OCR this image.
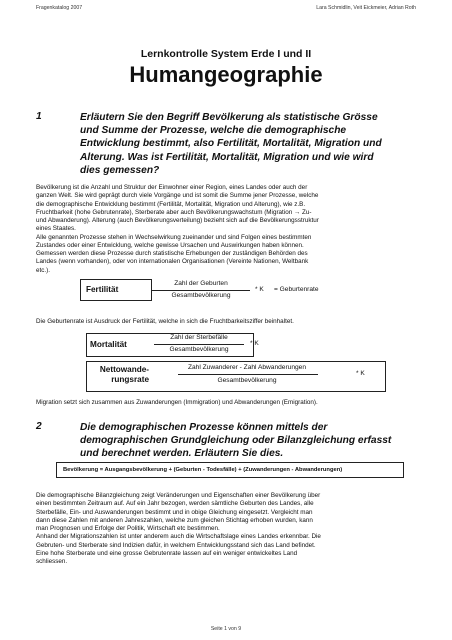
Fragenkatalog 2007	Lara Schmidlin, Veit Eickmeier, Adrian Roth
Lernkontrolle System Erde I und II
Humangeographie
1	Erläutern Sie den Begriff Bevölkerung als statistische Grösse
und Summe der Prozesse, welche die demographische
Entwicklung bestimmt, also Fertilität, Mortalität, Migration und
Alterung. Was ist Fertilität, Mortalität, Migration und wie wird
dies gemessen?
Bevölkerung ist die Anzahl und Struktur der Einwohner einer Region, eines Landes oder auch der
ganzen Welt. Sie wird geprägt durch viele Vorgänge und ist somit die Summe jener Prozesse, welche
die demographische Entwicklung bestimmt (Fertilität, Mortalität, Migration und Alterung), wie z.B.
Fruchtbarkeit (hohe Gebrutenrate), Sterberate aber auch Bevölkerungswachstum (Migration → Zu-
und Abwanderung). Alterung (auch Bevölkerungsverteilung) bezieht sich auf die Bevölkerungsstruktur
eines Staates.
Alle genannten Prozesse stehen in Wechselwirkung zueinander und sind Folgen eines bestimmten
Zustandes oder einer Entwicklung, welche gewisse Ursachen und Auswirkungen haben können.
Gemessen werden diese Prozesse durch statistische Erhebungen der zuständigen Behörden des
Landes (wenn vorhanden), oder von internationalen Organisationen (Vereinte Nationen, Weltbank
etc.).
Fertilität
Zahl der Geburten
Gesamtbevölkerung
* K = Geburtenrate
Die Geburtenrate ist Ausdruck der Fertilität, welche in sich die Fruchtbarkeitsziffer beinhaltet.
Mortalität
Zahl der Sterbefälle
Gesamtbevölkerung
* K
Nettowande-
rungsrate
Zahl Zuwanderer - Zahl Abwanderungen
Gesamtbevölkerung
* K
Migration setzt sich zusammen aus Zuwanderungen (Immigration) und Abwanderungen (Emigration).
2	Die demographischen Prozesse können mittels der
demographischen Grundgleichung oder Bilanzgleichung erfasst
und berechnet werden. Erläutern Sie dies.
Bevölkerung = Ausgangsbevölkerung + (Geburten - Todesfälle) + (Zuwanderungen - Abwanderungen)
Die demographische Bilanzgleichung zeigt Veränderungen und Eigenschaften einer Bevölkerung über
einen bestimmten Zeitraum auf. Auf ein Jahr bezogen, werden sämtliche Geburten des Landes, alle
Sterbefälle, Ein- und Auswanderungen bestimmt und in obige Gleichung eingesetzt. Vergleicht man
dann diese Zahlen mit anderen Jahreszahlen, welche zum gleichen Stichtag erhoben wurden, kann
man Prognosen und Erfolge der Politik, Wirtschaft etc bestimmen.
Anhand der Migrationszahlen ist unter anderem auch die Wirtschaftslage eines Landes erkennbar. Die
Gebruten- und Sterberate sind Indizien dafür, in welchem Entwicklungsstand sich das Land befindet.
Eine hohe Sterberate und eine grosse Gebrutenrate lassen auf ein weniger entwickeltes Land
schliessen.
Seite 1 von 9
